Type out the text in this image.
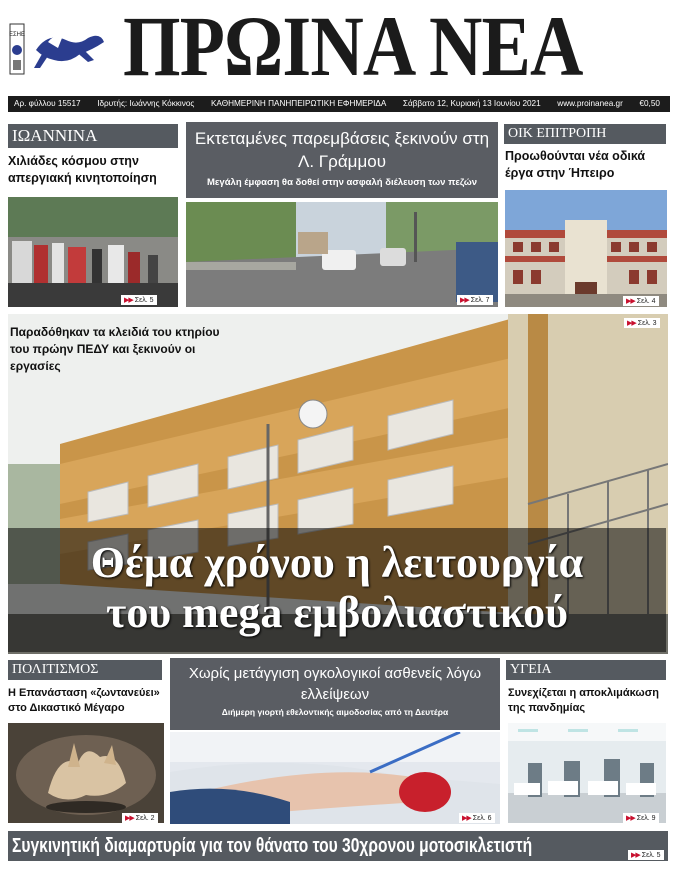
ΕΣΗΕ ΠΡΩΙΝΑ ΝΕΑ
Αρ. φύλλου 15517 Ιδρυτής: Ιωάννης Κόκκινος ΚΑΘΗΜΕΡΙΝΗ ΠΑΝΗΠΕΙΡΩΤΙΚΗ ΕΦΗΜΕΡΙΔΑ Σάββατο 12, Κυριακή 13 Ιουνίου 2021 www.proinanea.gr €0,50
ΙΩΑΝΝΙΝΑ
Χιλιάδες κόσμου στην απεργιακή κινητοποίηση
▶▶ Σελ. 5
Εκτεταμένες παρεμβάσεις ξεκινούν στη Λ. Γράμμου
Μεγάλη έμφαση θα δοθεί στην ασφαλή διέλευση των πεζών
▶▶ Σελ. 7
ΟΙΚ ΕΠΙΤΡΟΠΗ
Προωθούνται νέα οδικά έργα στην Ήπειρο
▶▶ Σελ. 4
Παραδόθηκαν τα κλειδιά του κτηρίου του πρώην ΠΕΔΥ και ξεκινούν οι εργασίες
▶▶ Σελ. 3
Θέμα χρόνου η λειτουργία
του mega εμβολιαστικού
ΠΟΛΙΤΙΣΜΟΣ
Η Επανάσταση «ζωντανεύει» στο Δικαστικό Μέγαρο
▶▶ Σελ. 2
Χωρίς μετάγγιση ογκολογικοί ασθενείς λόγω ελλείψεων
Διήμερη γιορτή εθελοντικής αιμοδοσίας από τη Δευτέρα
▶▶ Σελ. 6
ΥΓΕΙΑ
Συνεχίζεται η αποκλιμάκωση της πανδημίας
▶▶ Σελ. 9
Συγκινητική διαμαρτυρία για τον θάνατο του 30χρονου μοτοσικλετιστή	▶▶ Σελ. 5
